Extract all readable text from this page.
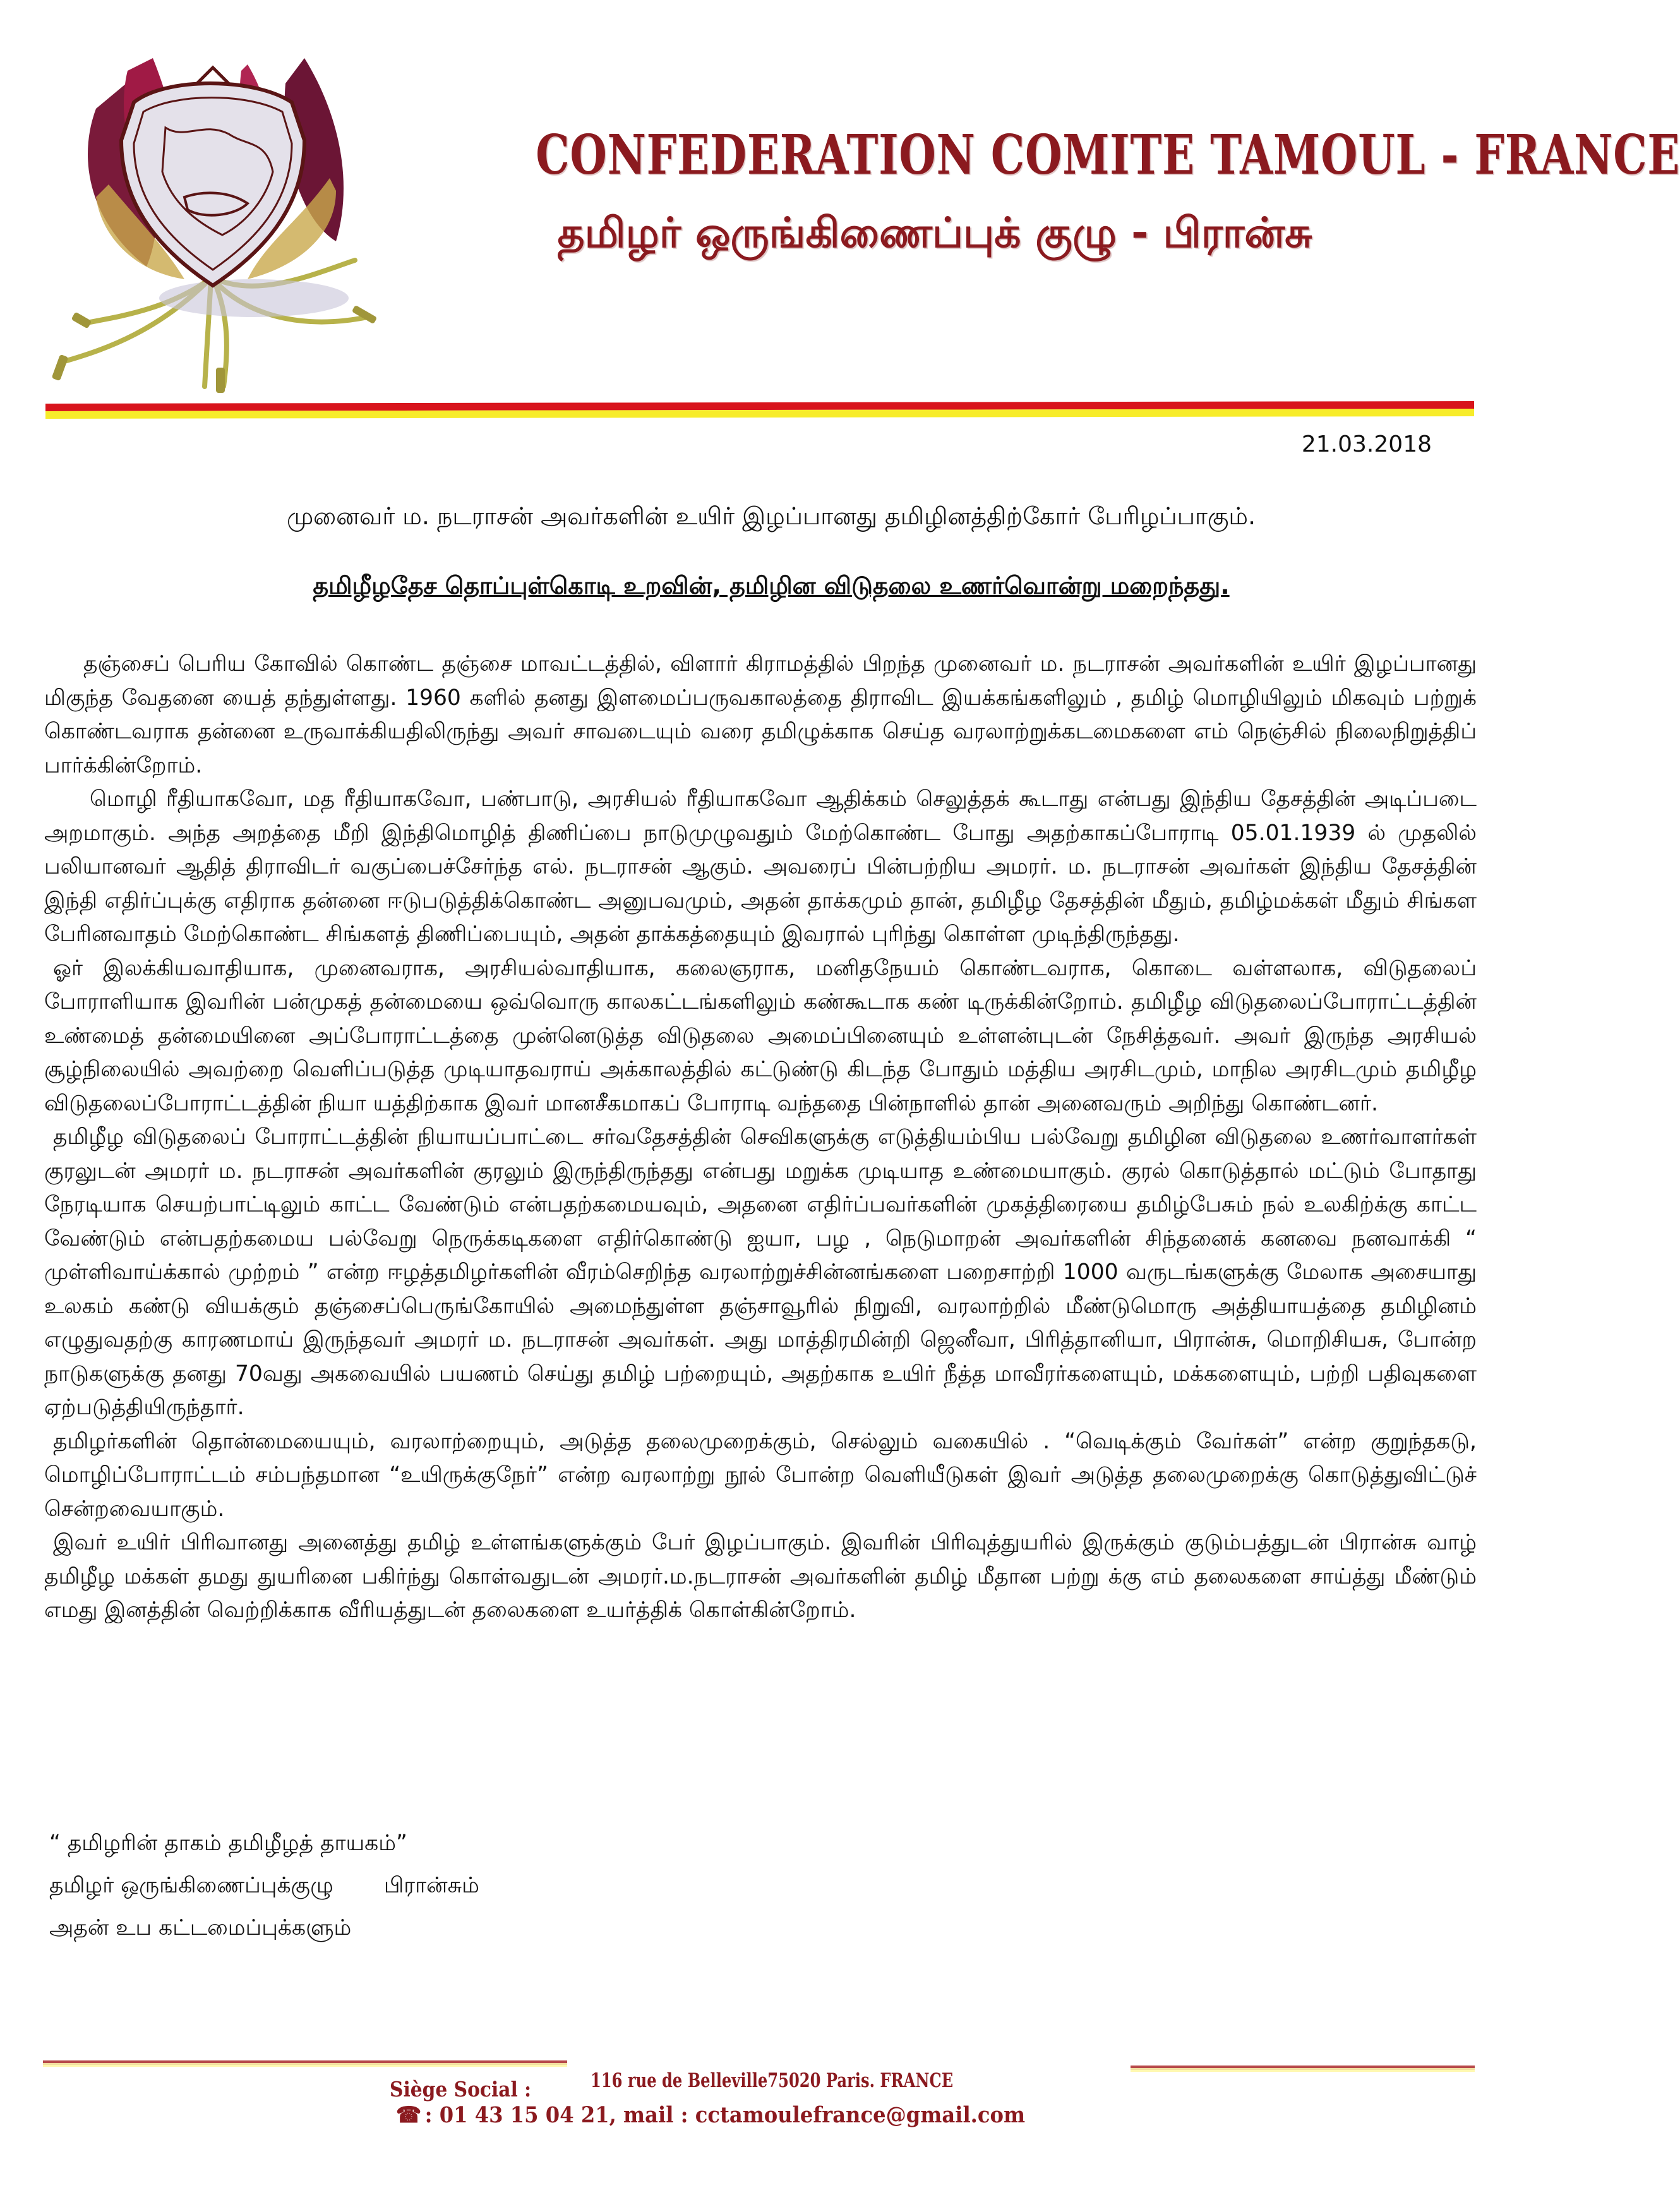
CONFEDERATION COMITE TAMOUL - FRANCE
தமிழர் ஒருங்கிணைப்புக் குழு - பிரான்சு
21.03.2018
முனைவர் ம. நடராசன் அவர்களின் உயிர் இழப்பானது தமிழினத்திற்கோர் பேரிழப்பாகும்.
தமிழீழதேச தொப்புள்கொடி உறவின், தமிழின விடுதலை உணர்வொன்று மறைந்தது.

தஞ்சைப் பெரிய கோவில் கொண்ட தஞ்சை மாவட்டத்தில், விளார் கிராமத்தில் பிறந்த முனைவர் ம. நடராசன் அவர்களின் உயிர் இழப்பானது மிகுந்த வேதனை யைத் தந்துள்ளது. 1960 களில் தனது இளமைப்பருவகாலத்தை திராவிட இயக்கங்களிலும் , தமிழ் மொழியிலும் மிகவும் பற்றுக் கொண்டவராக தன்னை உருவாக்கியதிலிருந்து அவர் சாவடையும் வரை தமிழுக்காக செய்த வரலாற்றுக்கடமைகளை எம் நெஞ்சில் நிலைநிறுத்திப் பார்க்கின்றோம்.

மொழி ரீதியாகவோ, மத ரீதியாகவோ, பண்பாடு, அரசியல் ரீதியாகவோ ஆதிக்கம் செலுத்தக் கூடாது என்பது இந்திய தேசத்தின் அடிப்படை அறமாகும். அந்த அறத்தை மீறி இந்திமொழித் திணிப்பை நாடுமுழுவதும் மேற்கொண்ட போது அதற்காகப்போராடி 05.01.1939 ல் முதலில் பலியானவர் ஆதித் திராவிடர் வகுப்பைச்சேர்ந்த எல். நடராசன் ஆகும். அவரைப் பின்பற்றிய அமரர். ம. நடராசன் அவர்கள் இந்திய தேசத்தின் இந்தி எதிர்ப்புக்கு எதிராக தன்னை ஈடுபடுத்திக்கொண்ட அனுபவமும், அதன் தாக்கமும் தான், தமிழீழ தேசத்தின் மீதும், தமிழ்மக்கள் மீதும் சிங்கள பேரினவாதம் மேற்கொண்ட சிங்களத் திணிப்பையும், அதன் தாக்கத்தையும் இவரால் புரிந்து கொள்ள முடிந்திருந்தது.

ஓர் இலக்கியவாதியாக, முனைவராக, அரசியல்வாதியாக, கலைஞராக, மனிதநேயம் கொண்டவராக, கொடை வள்ளலாக, விடுதலைப் போராளியாக இவரின் பன்முகத் தன்மையை ஒவ்வொரு காலகட்டங்களிலும் கண்கூடாக கண் டிருக்கின்றோம். தமிழீழ விடுதலைப்போராட்டத்தின் உண்மைத் தன்மையினை அப்போராட்டத்தை முன்னெடுத்த விடுதலை அமைப்பினையும் உள்ளன்புடன் நேசித்தவர். அவர் இருந்த அரசியல் சூழ்நிலையில் அவற்றை வெளிப்படுத்த முடியாதவராய் அக்காலத்தில் கட்டுண்டு கிடந்த போதும் மத்திய அரசிடமும், மாநில அரசிடமும் தமிழீழ விடுதலைப்போராட்டத்தின் நியா யத்திற்காக இவர் மானசீகமாகப் போராடி வந்ததை பின்நாளில் தான் அனைவரும் அறிந்து கொண்டனர்.

தமிழீழ விடுதலைப் போராட்டத்தின் நியாயப்பாட்டை சர்வதேசத்தின் செவிகளுக்கு எடுத்தியம்பிய பல்வேறு தமிழின விடுதலை உணர்வாளர்கள் குரலுடன் அமரர் ம. நடராசன் அவர்களின் குரலும் இருந்திருந்தது என்பது மறுக்க முடியாத உண்மையாகும். குரல் கொடுத்தால் மட்டும் போதாது நேரடியாக செயற்பாட்டிலும் காட்ட வேண்டும் என்பதற்கமையவும், அதனை எதிர்ப்பவர்களின் முகத்திரையை தமிழ்பேசும் நல் உலகிற்க்கு காட்ட வேண்டும் என்பதற்கமைய பல்வேறு நெருக்கடிகளை எதிர்கொண்டு ஐயா, பழ , நெடுமாறன் அவர்களின் சிந்தனைக் கனவை நனவாக்கி “ முள்ளிவாய்க்கால் முற்றம் ” என்ற ஈழத்தமிழர்களின் வீரம்செறிந்த வரலாற்றுச்சின்னங்களை பறைசாற்றி 1000 வருடங்களுக்கு மேலாக அசையாது உலகம் கண்டு வியக்கும் தஞ்சைப்பெருங்கோயில் அமைந்துள்ள தஞ்சாவூரில் நிறுவி, வரலாற்றில் மீண்டுமொரு அத்தியாயத்தை தமிழினம் எழுதுவதற்கு காரணமாய் இருந்தவர் அமரர் ம. நடராசன் அவர்கள். அது மாத்திரமின்றி ஜெனீவா, பிரித்தானியா, பிரான்சு, மொறிசியசு, போன்ற நாடுகளுக்கு தனது 70வது அகவையில் பயணம் செய்து தமிழ் பற்றையும், அதற்காக உயிர் நீத்த மாவீரர்களையும், மக்களையும், பற்றி பதிவுகளை ஏற்படுத்தியிருந்தார்.

தமிழர்களின் தொன்மையையும், வரலாற்றையும், அடுத்த தலைமுறைக்கும், செல்லும் வகையில் . “வெடிக்கும் வேர்கள்” என்ற குறுந்தகடு, மொழிப்போராட்டம் சம்பந்தமான “உயிருக்குநேர்” என்ற வரலாற்று நூல் போன்ற வெளியீடுகள் இவர் அடுத்த தலைமுறைக்கு கொடுத்துவிட்டுச் சென்றவையாகும்.

இவர் உயிர் பிரிவானது அனைத்து தமிழ் உள்ளங்களுக்கும் பேர் இழப்பாகும். இவரின் பிரிவுத்துயரில் இருக்கும் குடும்பத்துடன் பிரான்சு வாழ் தமிழீழ மக்கள் தமது துயரினை பகிர்ந்து கொள்வதுடன் அமரர்.ம.நடராசன் அவர்களின் தமிழ் மீதான பற்று க்கு எம் தலைகளை சாய்த்து மீண்டும் எமது இனத்தின் வெற்றிக்காக வீரியத்துடன் தலைகளை உயர்த்திக் கொள்கின்றோம்.

“ தமிழரின் தாகம் தமிழீழத் தாயகம்”
தமிழர் ஒருங்கிணைப்புக்குழு பிரான்சும்
அதன் உப கட்டமைப்புக்களும்
Siège Social :	116 rue de Belleville75020 Paris. FRANCE
☎ : 01 43 15 04 21, mail : cctamoulefrance@gmail.com
